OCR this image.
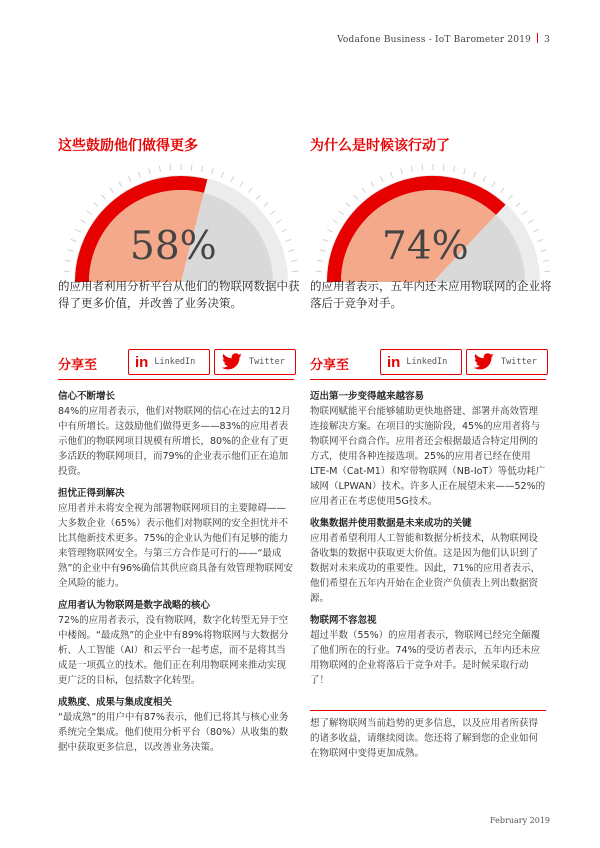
Vodafone Business - IoT Barometer 2019 3
这些鼓励他们做得更多
58%
的应用者利用分析平台从他们的物联网数据中获得了更多价值，并改善了业务决策。
分享至	in LinkedIn	Twitter
信心不断增长

84%的应用者表示，他们对物联网的信心在过去的12月中有所增长。这鼓励他们做得更多——83%的应用者表示他们的物联网项目规模有所增长，80%的企业有了更多活跃的物联网项目，而79%的企业表示他们正在追加投资。

担忧正得到解决

应用者并未将安全视为部署物联网项目的主要障碍——大多数企业（65%）表示他们对物联网的安全担忧并不比其他新技术更多。75%的企业认为他们有足够的能力来管理物联网安全。与第三方合作是可行的——“最成熟”的企业中有96%确信其供应商具备有效管理物联网安全风险的能力。

应用者认为物联网是数字战略的核心

72%的应用者表示，没有物联网，数字化转型无异于空中楼阁。“最成熟”的企业中有89%将物联网与大数据分析、人工智能（AI）和云平台一起考虑，而不是将其当成是一项孤立的技术。他们正在利用物联网来推动实现更广泛的目标，包括数字化转型。

成熟度、成果与集成度相关

“最成熟”的用户中有87%表示，他们已将其与核心业务系统完全集成。他们使用分析平台（80%）从收集的数据中获取更多信息，以改善业务决策。

为什么是时候该行动了
74%
的应用者表示，五年内还未应用物联网的企业将落后于竞争对手。
分享至	in LinkedIn	Twitter
迈出第一步变得越来越容易

物联网赋能平台能够辅助更快地搭建、部署并高效管理连接解决方案。在项目的实施阶段，45%的应用者将与物联网平台商合作。应用者还会根据最适合特定用例的方式，使用各种连接选项。25%的应用者已经在使用LTE-M（Cat-M1）和窄带物联网（NB-IoT）等低功耗广域网（LPWAN）技术。许多人正在展望未来——52%的应用者正在考虑使用5G技术。

收集数据并使用数据是未来成功的关键

应用者希望利用人工智能和数据分析技术，从物联网设备收集的数据中获取更大价值。这是因为他们认识到了数据对未来成功的重要性。因此，71%的应用者表示，他们希望在五年内开始在企业资产负债表上列出数据资源。

物联网不容忽视

超过半数（55%）的应用者表示，物联网已经完全颠覆了他们所在的行业。74%的受访者表示，五年内还未应用物联网的企业将落后于竞争对手。是时候采取行动了！

想了解物联网当前趋势的更多信息，以及应用者所获得的诸多收益，请继续阅读。您还将了解到您的企业如何在物联网中变得更加成熟。
February 2019
